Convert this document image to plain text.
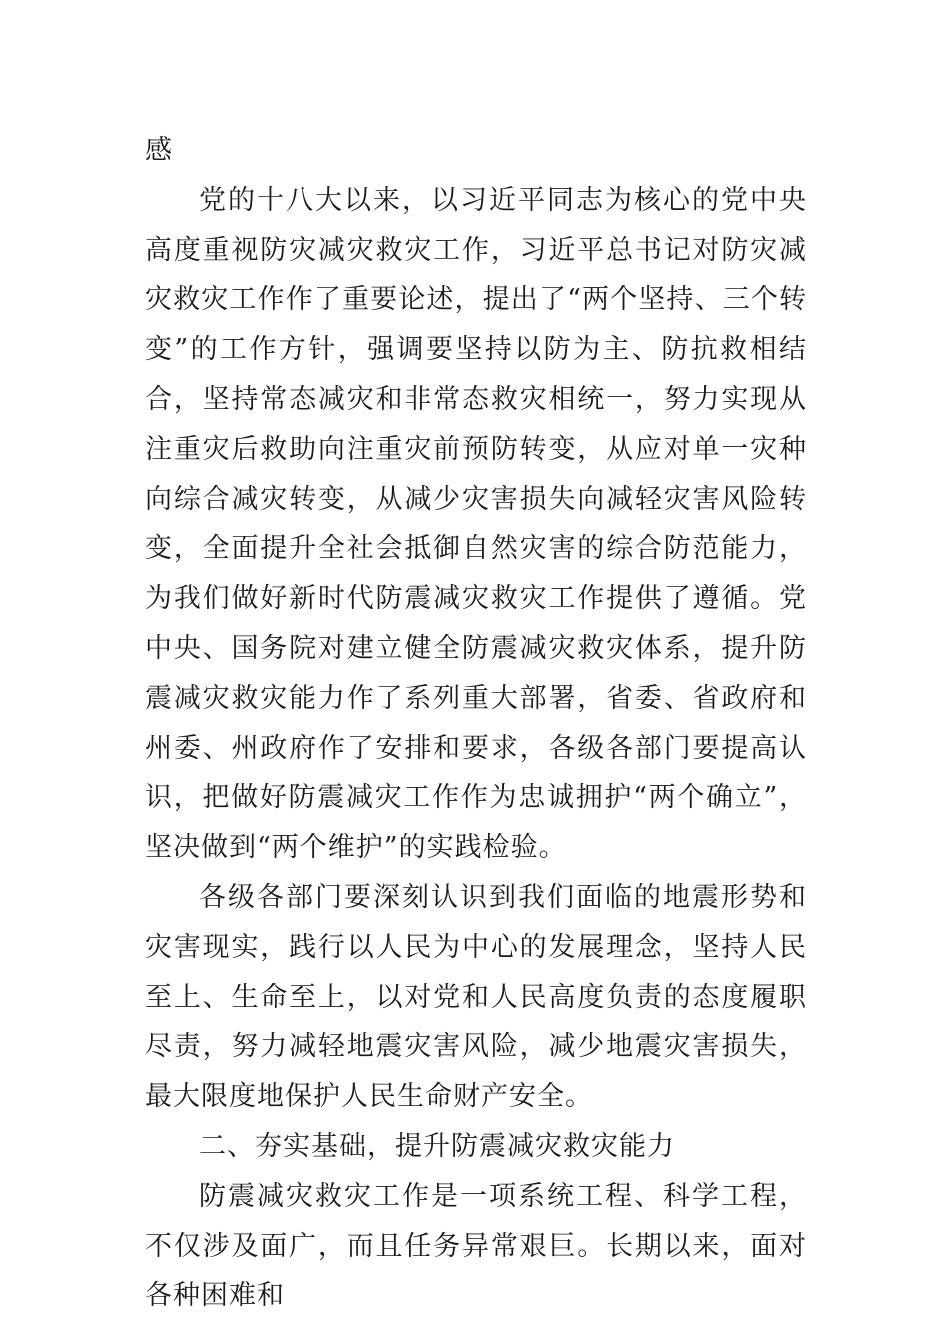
感

党的十八大以来，以习近平同志为核心的党中央高度重视防灾减灾救灾工作，习近平总书记对防灾减灾救灾工作作了重要论述，提出了“两个坚持、三个转变”的工作方针，强调要坚持以防为主、防抗救相结合，坚持常态减灾和非常态救灾相统一，努力实现从注重灾后救助向注重灾前预防转变，从应对单一灾种向综合减灾转变，从减少灾害损失向减轻灾害风险转变，全面提升全社会抵御自然灾害的综合防范能力，为我们做好新时代防震减灾救灾工作提供了遵循。党中央、国务院对建立健全防震减灾救灾体系，提升防震减灾救灾能力作了系列重大部署，省委、省政府和州委、州政府作了安排和要求，各级各部门要提高认识，把做好防震减灾工作作为忠诚拥护“两个确立”，坚决做到“两个维护”的实践检验。

各级各部门要深刻认识到我们面临的地震形势和灾害现实，践行以人民为中心的发展理念，坚持人民至上、生命至上，以对党和人民高度负责的态度履职尽责，努力减轻地震灾害风险，减少地震灾害损失，最大限度地保护人民生命财产安全。

二、夯实基础，提升防震减灾救灾能力

防震减灾救灾工作是一项系统工程、科学工程，不仅涉及面广，而且任务异常艰巨。长期以来，面对各种困难和
